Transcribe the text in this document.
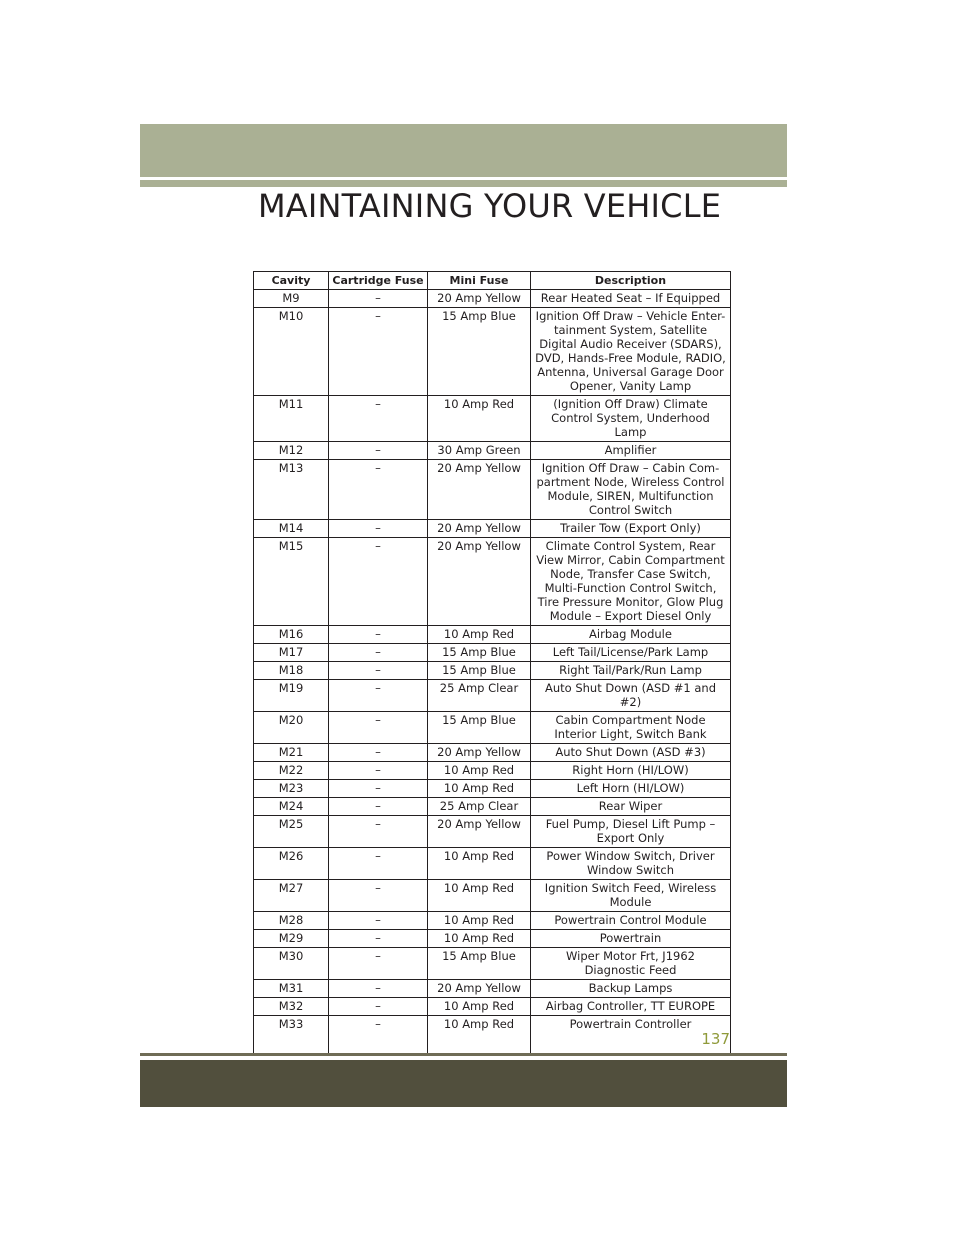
MAINTAINING YOUR VEHICLE
Cavity	Cartridge Fuse	Mini Fuse	Description
M9	–	20 Amp Yellow	Rear Heated Seat – If Equipped
M10	–	15 Amp Blue	Ignition Off Draw – Vehicle Enter-tainment System, Satellite Digital Audio Receiver (SDARS), DVD, Hands-Free Module, RADIO, Antenna, Universal Garage Door Opener, Vanity Lamp
M11	–	10 Amp Red	(Ignition Off Draw) Climate Control System, Underhood Lamp
M12	–	30 Amp Green	Amplifier
M13	–	20 Amp Yellow	Ignition Off Draw – Cabin Com-partment Node, Wireless Control Module, SIREN, Multifunction Control Switch
M14	–	20 Amp Yellow	Trailer Tow (Export Only)
M15	–	20 Amp Yellow	Climate Control System, Rear View Mirror, Cabin Compartment Node, Transfer Case Switch, Multi-Function Control Switch, Tire Pressure Monitor, Glow Plug Module – Export Diesel Only
M16	–	10 Amp Red	Airbag Module
M17	–	15 Amp Blue	Left Tail/License/Park Lamp
M18	–	15 Amp Blue	Right Tail/Park/Run Lamp
M19	–	25 Amp Clear	Auto Shut Down (ASD #1 and #2)
M20	–	15 Amp Blue	Cabin Compartment Node Interior Light, Switch Bank
M21	–	20 Amp Yellow	Auto Shut Down (ASD #3)
M22	–	10 Amp Red	Right Horn (HI/LOW)
M23	–	10 Amp Red	Left Horn (HI/LOW)
M24	–	25 Amp Clear	Rear Wiper
M25	–	20 Amp Yellow	Fuel Pump, Diesel Lift Pump – Export Only
M26	–	10 Amp Red	Power Window Switch, Driver Window Switch
M27	–	10 Amp Red	Ignition Switch Feed, Wireless Module
M28	–	10 Amp Red	Powertrain Control Module
M29	–	10 Amp Red	Powertrain
M30	–	15 Amp Blue	Wiper Motor Frt, J1962 Diagnostic Feed
M31	–	20 Amp Yellow	Backup Lamps
M32	–	10 Amp Red	Airbag Controller, TT EUROPE
M33	–	10 Amp Red	Powertrain Controller
137
